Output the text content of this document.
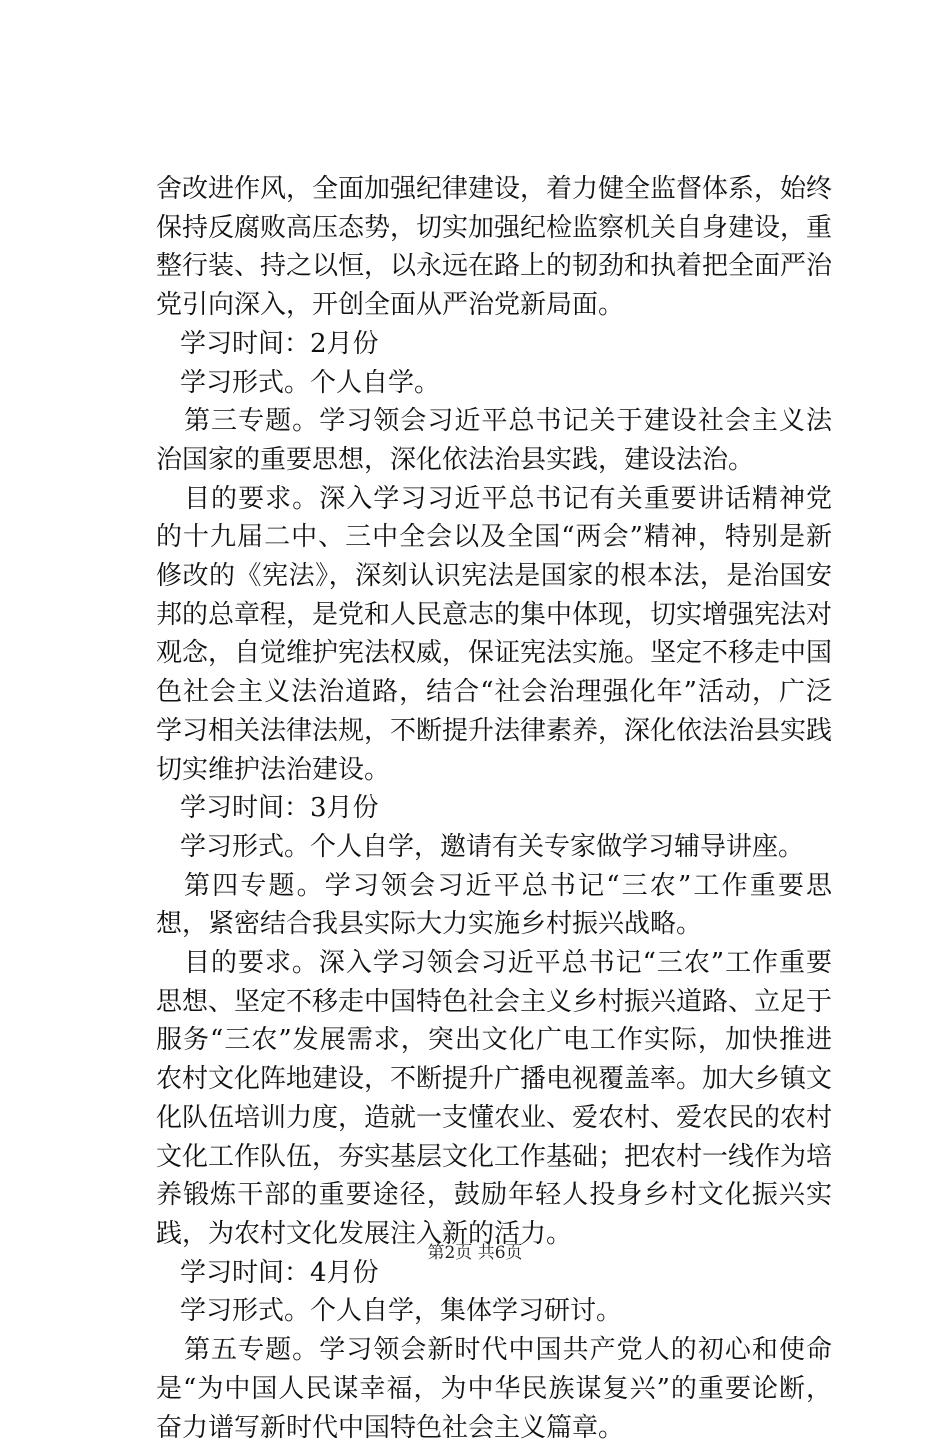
舍改进作风，全面加强纪律建设，着力健全监督体系，始终保持反腐败高压态势，切实加强纪检监察机关自身建设，重整行装、持之以恒，以永远在路上的韧劲和执着把全面严治党引向深入，开创全面从严治党新局面。

学习时间：2月份

学习形式。个人自学。

第三专题。学习领会习近平总书记关于建设社会主义法治国家的重要思想，深化依法治县实践，建设法治。

目的要求。深入学习习近平总书记有关重要讲话精神党的十九届二中、三中全会以及全国“两会”精神，特别是新修改的《宪法》，深刻认识宪法是国家的根本法，是治国安邦的总章程，是党和人民意志的集中体现，切实增强宪法对观念，自觉维护宪法权威，保证宪法实施。坚定不移走中国色社会主义法治道路，结合“社会治理强化年”活动，广泛学习相关法律法规，不断提升法律素养，深化依法治县实践切实维护法治建设。

学习时间：3月份

学习形式。个人自学，邀请有关专家做学习辅导讲座。

第四专题。学习领会习近平总书记“三农”工作重要思想，紧密结合我县实际大力实施乡村振兴战略。

目的要求。深入学习领会习近平总书记“三农”工作重要思想、坚定不移走中国特色社会主义乡村振兴道路、立足于服务“三农”发展需求，突出文化广电工作实际，加快推进农村文化阵地建设，不断提升广播电视覆盖率。加大乡镇文化队伍培训力度，造就一支懂农业、爱农村、爱农民的农村文化工作队伍，夯实基层文化工作基础；把农村一线作为培养锻炼干部的重要途径，鼓励年轻人投身乡村文化振兴实践，为农村文化发展注入新的活力。

学习时间：4月份

学习形式。个人自学，集体学习研讨。

第五专题。学习领会新时代中国共产党人的初心和使命是“为中国人民谋幸福，为中华民族谋复兴”的重要论断，奋力谱写新时代中国特色社会主义篇章。

第2页 共6页
